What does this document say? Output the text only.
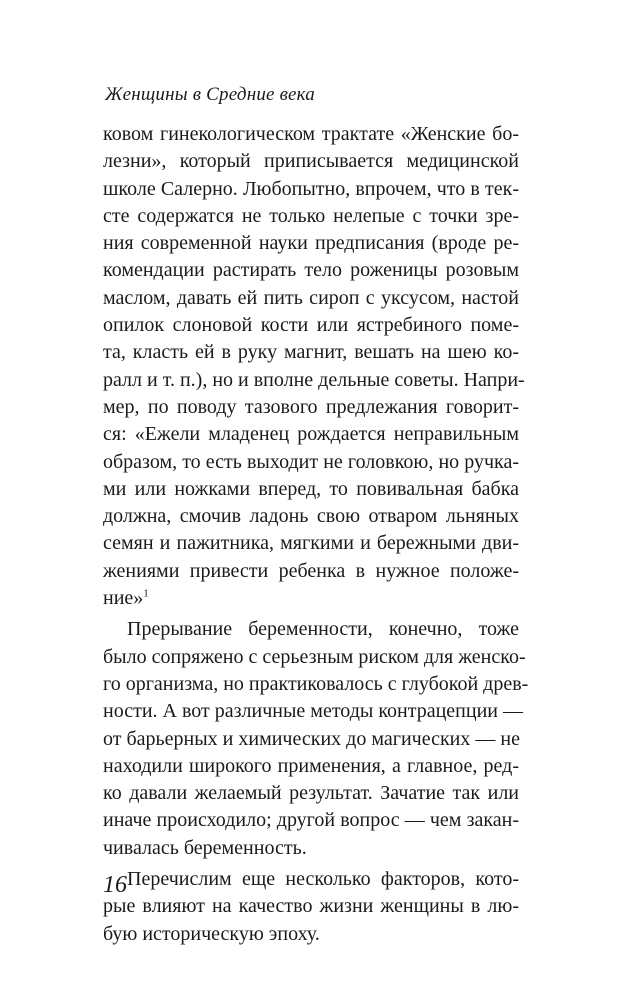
Женщины в Средние века
ковом гинекологическом трактате «Женские бо-
лезни», который приписывается медицинской
школе Салерно. Любопытно, впрочем, что в тек-
сте содержатся не только нелепые с точки зре-
ния современной науки предписания (вроде ре-
комендации растирать тело роженицы розовым
маслом, давать ей пить сироп с уксусом, настой
опилок слоновой кости или ястребиного поме-
та, класть ей в руку магнит, вешать на шею ко-
ралл и т. п.), но и вполне дельные советы. Напри-
мер, по поводу тазового предлежания говорит-
ся: «Ежели младенец рождается неправильным
образом, то есть выходит не головкою, но ручка-
ми или ножками вперед, то повивальная бабка
должна, смочив ладонь свою отваром льняных
семян и пажитника, мягкими и бережными дви-
жениями привести ребенка в нужное положе-
ние»$^1$
Прерывание беременности, конечно, тоже
было сопряжено с серьезным риском для женско-
го организма, но практиковалось с глубокой древ-
ности. А вот различные методы контрацепции —
от барьерных и химических до магических — не
находили широкого применения, а главное, ред-
ко давали желаемый результат. Зачатие так или
иначе происходило; другой вопрос — чем закан-
чивалась беременность.
Перечислим еще несколько факторов, кото-
рые влияют на качество жизни женщины в лю-
бую историческую эпоху.
16
